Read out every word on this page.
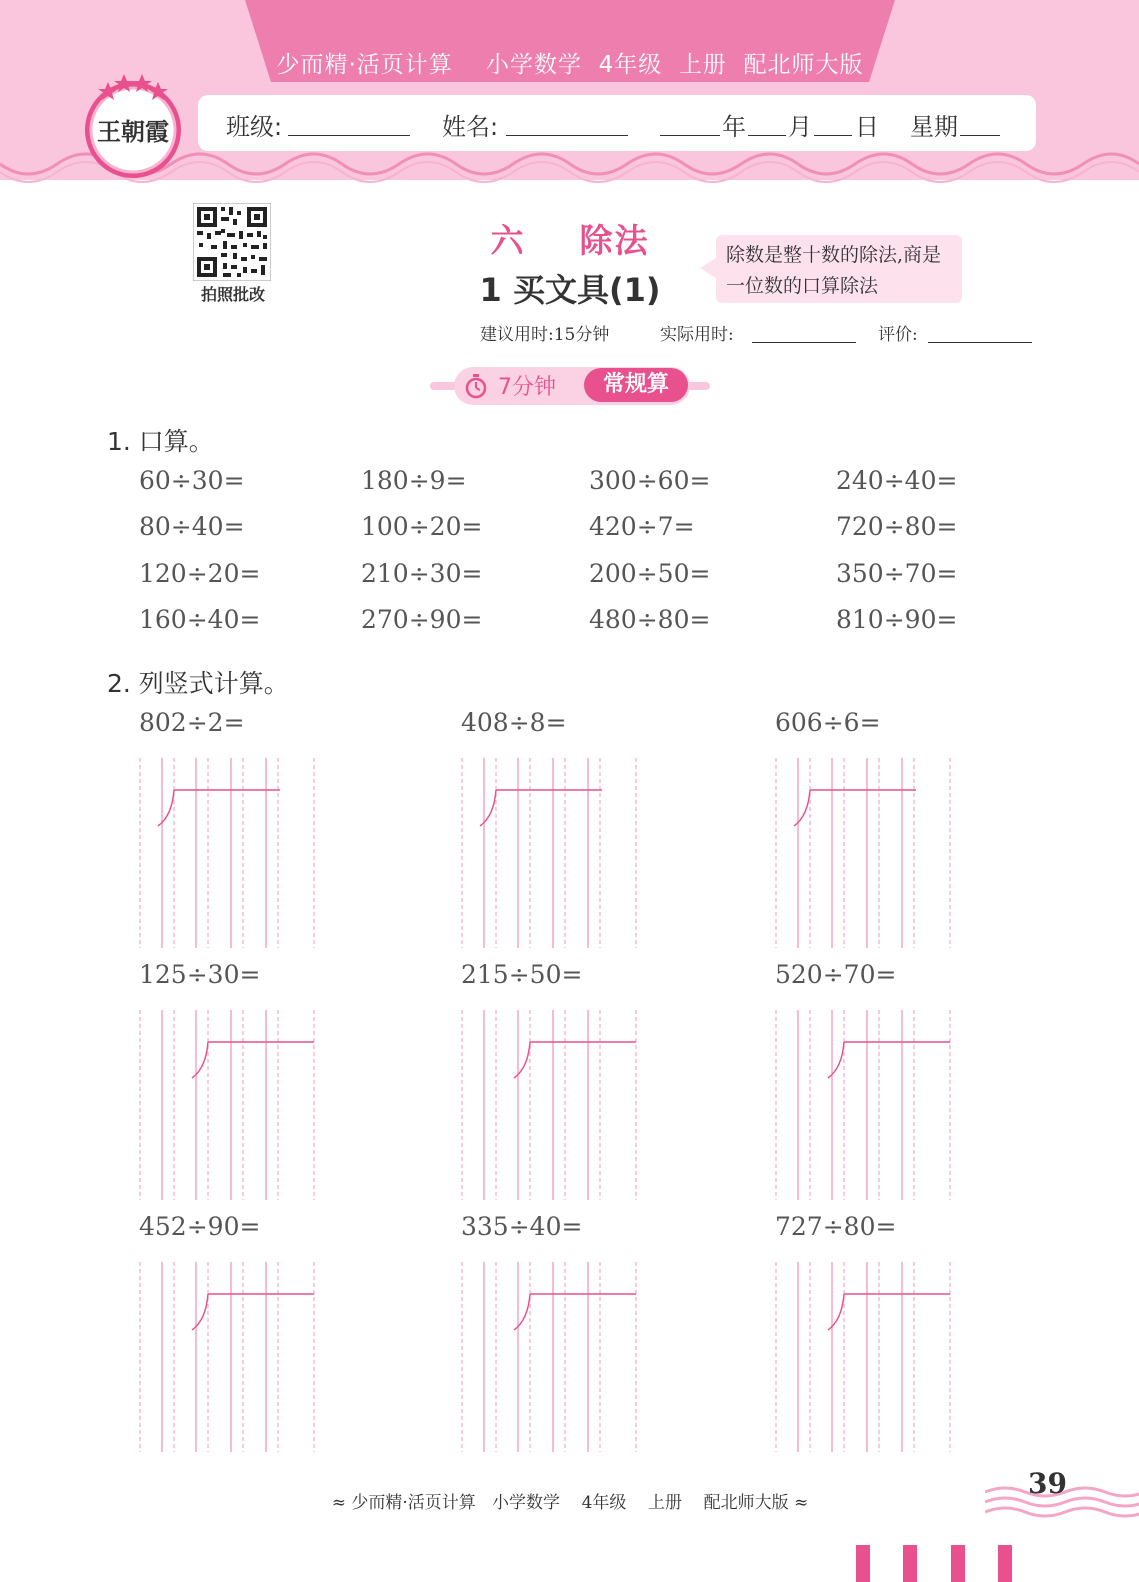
少而精·活页计算    小学数学  4年级  上册  配北师大版
班级:	姓名:	年 月 日 星期
王朝霞
拍照批改
六    除法
1 买文具(1)
除数是整十数的除法,商是一位数的口算除法
建议用时:15分钟	实际用时:	评价:
7分钟	常规算
1. 口算。
60÷30=	180÷9=	300÷60=	240÷40=
80÷40=	100÷20=	420÷7=	720÷80=
120÷20=	210÷30=	200÷50=	350÷70=
160÷40=	270÷90=	480÷80=	810÷90=
2. 列竖式计算。
802÷2=	408÷8=	606÷6=
125÷30=	215÷50=	520÷70=
452÷90=	335÷40=	727÷80=
≈ 少而精·活页计算   小学数学    4年级    上册    配北师大版 ≈
39
